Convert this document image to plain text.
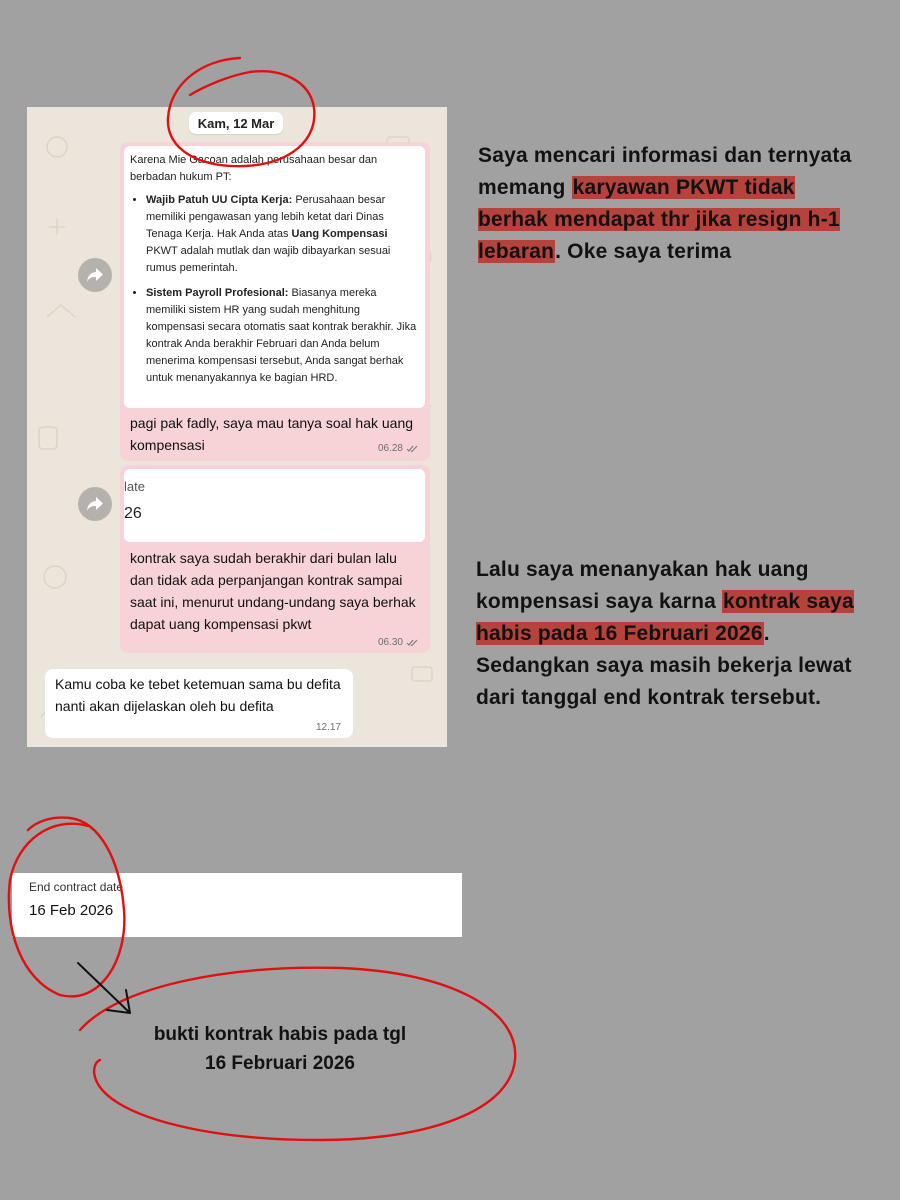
Kam, 12 Mar

Karena Mie Gacoan adalah perusahaan besar dan berbadan hukum PT:

• Wajib Patuh UU Cipta Kerja: Perusahaan besar memiliki pengawasan yang lebih ketat dari Dinas Tenaga Kerja. Hak Anda atas Uang Kompensasi PKWT adalah mutlak dan wajib dibayarkan sesuai rumus pemerintah.
• Sistem Payroll Profesional: Biasanya mereka memiliki sistem HR yang sudah menghitung kompensasi secara otomatis saat kontrak berakhir. Jika kontrak Anda berakhir Februari dan Anda belum menerima kompensasi tersebut, Anda sangat berhak untuk menanyakannya ke bagian HRD.
pagi pak fadly, saya mau tanya soal hak uang kompensasi	06.28
late
26
kontrak saya sudah berakhir dari bulan lalu dan tidak ada perpanjangan kontrak sampai saat ini, menurut undang-undang saya berhak dapat uang kompensasi pkwt
06.30
Kamu coba ke tebet ketemuan sama bu defita nanti akan dijelaskan oleh bu defita
12.17
Saya mencari informasi dan ternyata memang karyawan PKWT tidak berhak mendapat thr jika resign h-1 lebaran. Oke saya terima
Lalu saya menanyakan hak uang kompensasi saya karna kontrak saya habis pada 16 Februari 2026. Sedangkan saya masih bekerja lewat dari tanggal end kontrak tersebut.
End contract date
16 Feb 2026
bukti kontrak habis pada tgl
16 Februari 2026
